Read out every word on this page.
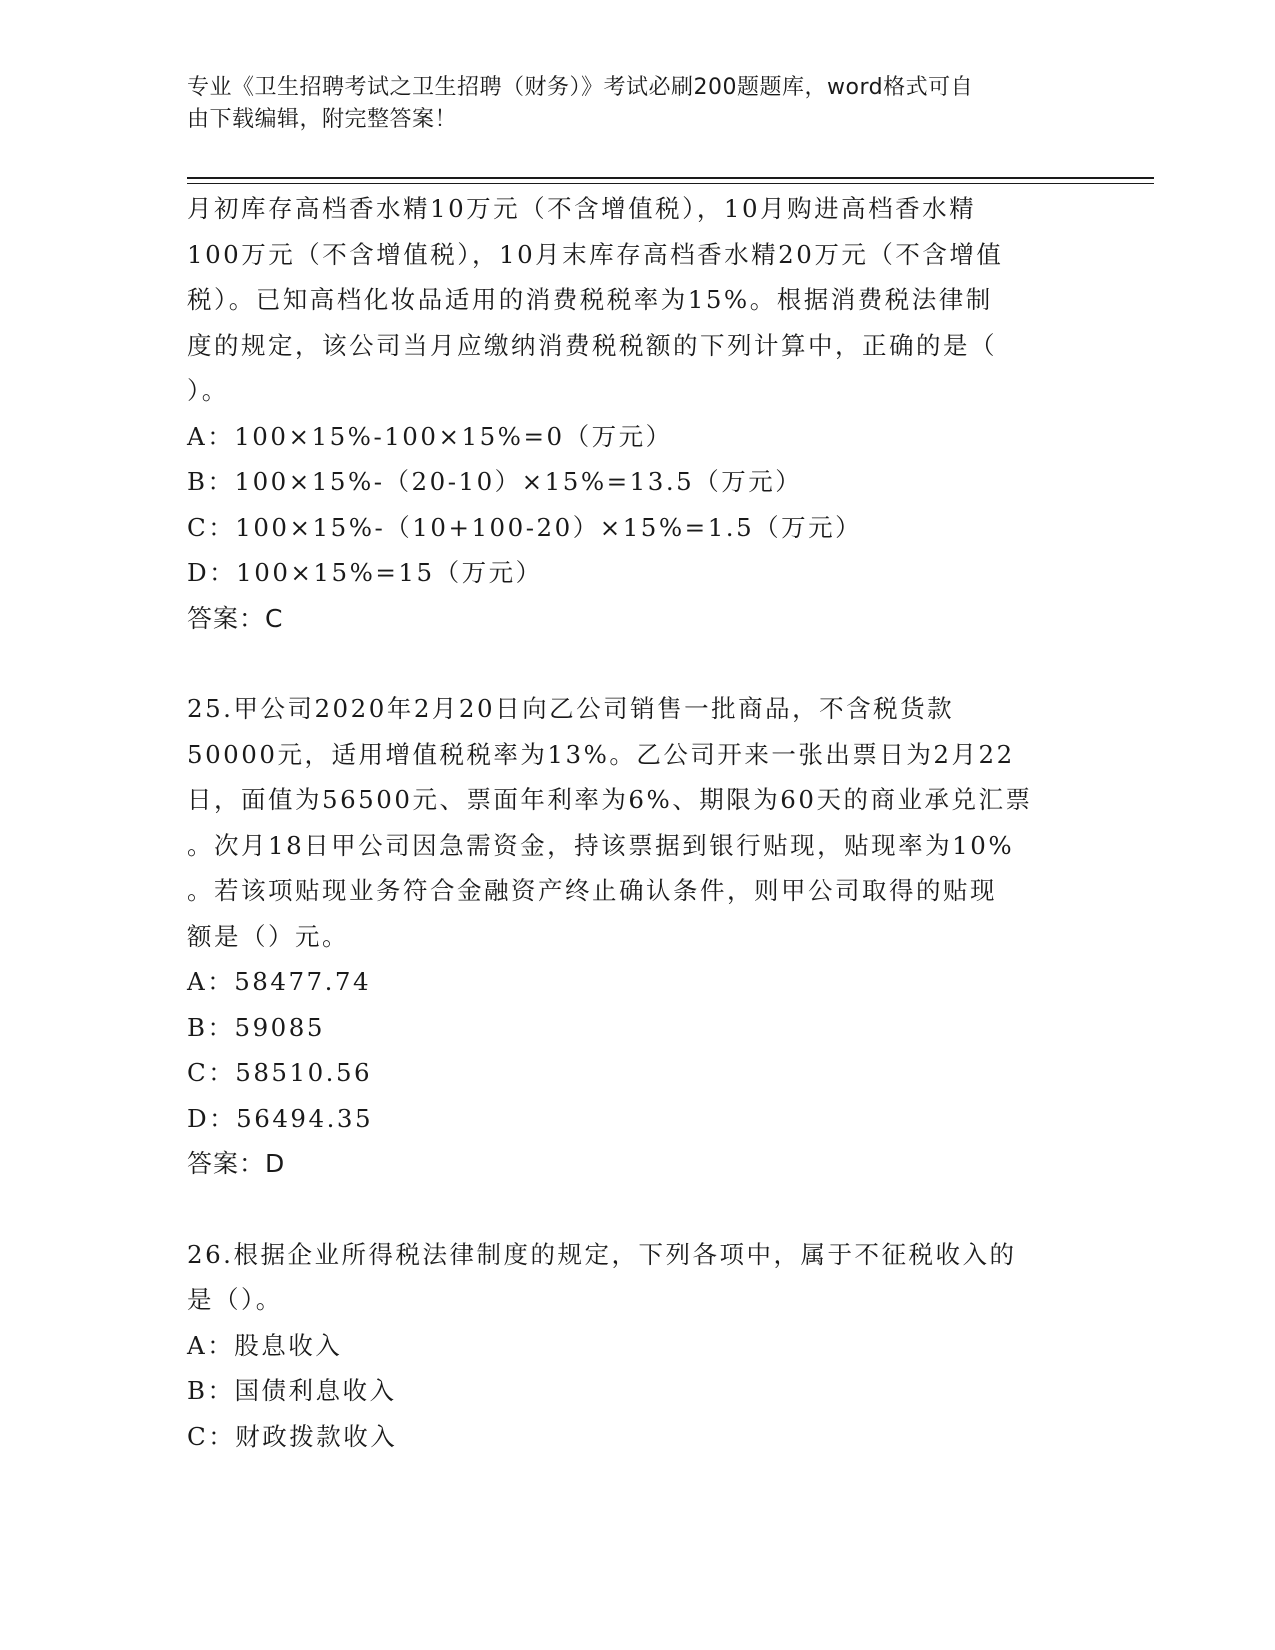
专业《卫生招聘考试之卫生招聘（财务）》考试必刷200题题库，word格式可自
由下载编辑，附完整答案！
月初库存高档香水精10万元（不含增值税），10月购进高档香水精
100万元（不含增值税），10月末库存高档香水精20万元（不含增值
税）。已知高档化妆品适用的消费税税率为15%。根据消费税法律制
度的规定，该公司当月应缴纳消费税税额的下列计算中，正确的是（
）。
A：100×15%-100×15%=0（万元）
B：100×15%-（20-10）×15%=13.5（万元）
C：100×15%-（10+100-20）×15%=1.5（万元）
D：100×15%=15（万元）
答案：C
25.甲公司2020年2月20日向乙公司销售一批商品，不含税货款
50000元，适用增值税税率为13%。乙公司开来一张出票日为2月22
日，面值为56500元、票面年利率为6%、期限为60天的商业承兑汇票
。次月18日甲公司因急需资金，持该票据到银行贴现，贴现率为10%
。若该项贴现业务符合金融资产终止确认条件，则甲公司取得的贴现
额是（）元。
A：58477.74
B：59085
C：58510.56
D：56494.35
答案：D
26.根据企业所得税法律制度的规定，下列各项中，属于不征税收入的
是（）。
A：股息收入
B：国债利息收入
C：财政拨款收入
